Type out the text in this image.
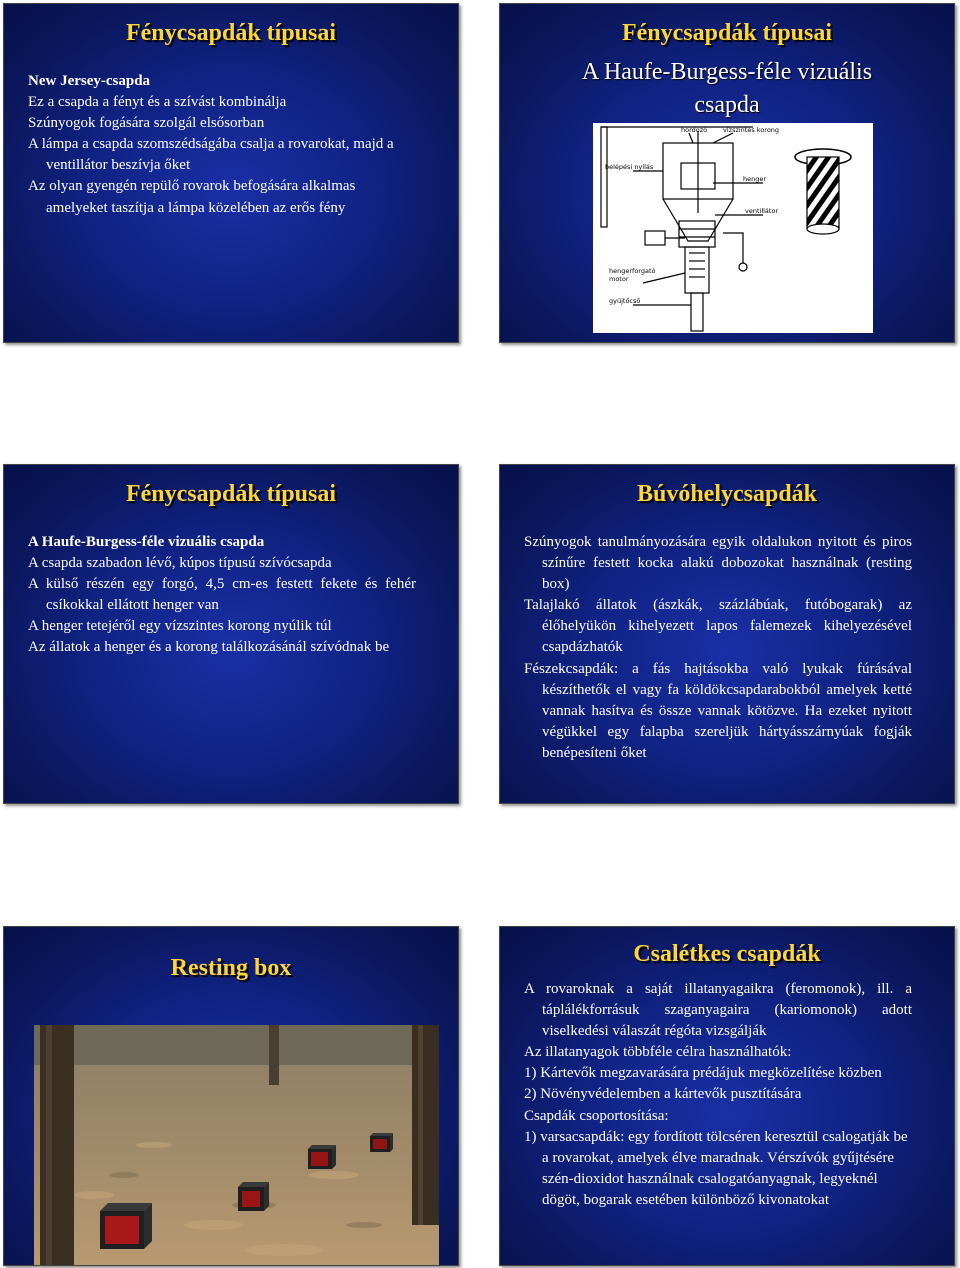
Fénycsapdák típusai
New Jersey-csapda
Ez a csapda a fényt és a szívást kombinálja
Szúnyogok fogására szolgál elsősorban
A lámpa a csapda szomszédságába csalja a rovarokat, majd a ventillátor beszívja őket
Az olyan gyengén repülő rovarok befogására alkalmas amelyeket taszítja a lámpa közelében az erős fény
Fénycsapdák típusai
A Haufe-Burgess-féle vizuális
csapda
hordozó vízszintes korong
belépési nyílás
henger
ventillátor
hengerforgató
motor
gyűjtőcső
Fénycsapdák típusai
A Haufe-Burgess-féle vizuális csapda
A csapda szabadon lévő, kúpos típusú szívócsapda
A külső részén egy forgó, 4,5 cm-es festett fekete és fehér csíkokkal ellátott henger van
A henger tetejéről egy vízszintes korong nyúlik túl
Az állatok a henger és a korong találkozásánál szívódnak be
Búvóhelycsapdák
Szúnyogok tanulmányozására egyik oldalukon nyitott és piros színűre festett kocka alakú dobozokat használnak (resting box)
Talajlakó állatok (ászkák, százlábúak, futóbogarak) az élőhelyükön kihelyezett lapos falemezek kihelyezésével csapdázhatók
Fészekcsapdák: a fás hajtásokba való lyukak fúrásával készíthetők el vagy fa köldökcsapdarabokból amelyek ketté vannak hasítva és össze vannak kötözve. Ha ezeket nyitott végükkel egy falapba szereljük hártyásszárnyúak fogják benépesíteni őket
Resting box
Csalétkes csapdák
A rovaroknak a saját illatanyagaikra (feromonok), ill. a táplálékforrásuk szaganyagaira (kariomonok) adott viselkedési válaszát régóta vizsgálják
Az illatanyagok többféle célra használhatók:
1) Kártevők megzavarására prédájuk megközelítése közben
2) Növényvédelemben a kártevők pusztítására
Csapdák csoportosítása:
1) varsacsapdák: egy fordított tölcséren keresztül csalogatják be a rovarokat, amelyek élve maradnak. Vérszívók gyűjtésére szén-dioxidot használnak csalogatóanyagnak, legyeknél dögöt, bogarak esetében különböző kivonatokat
